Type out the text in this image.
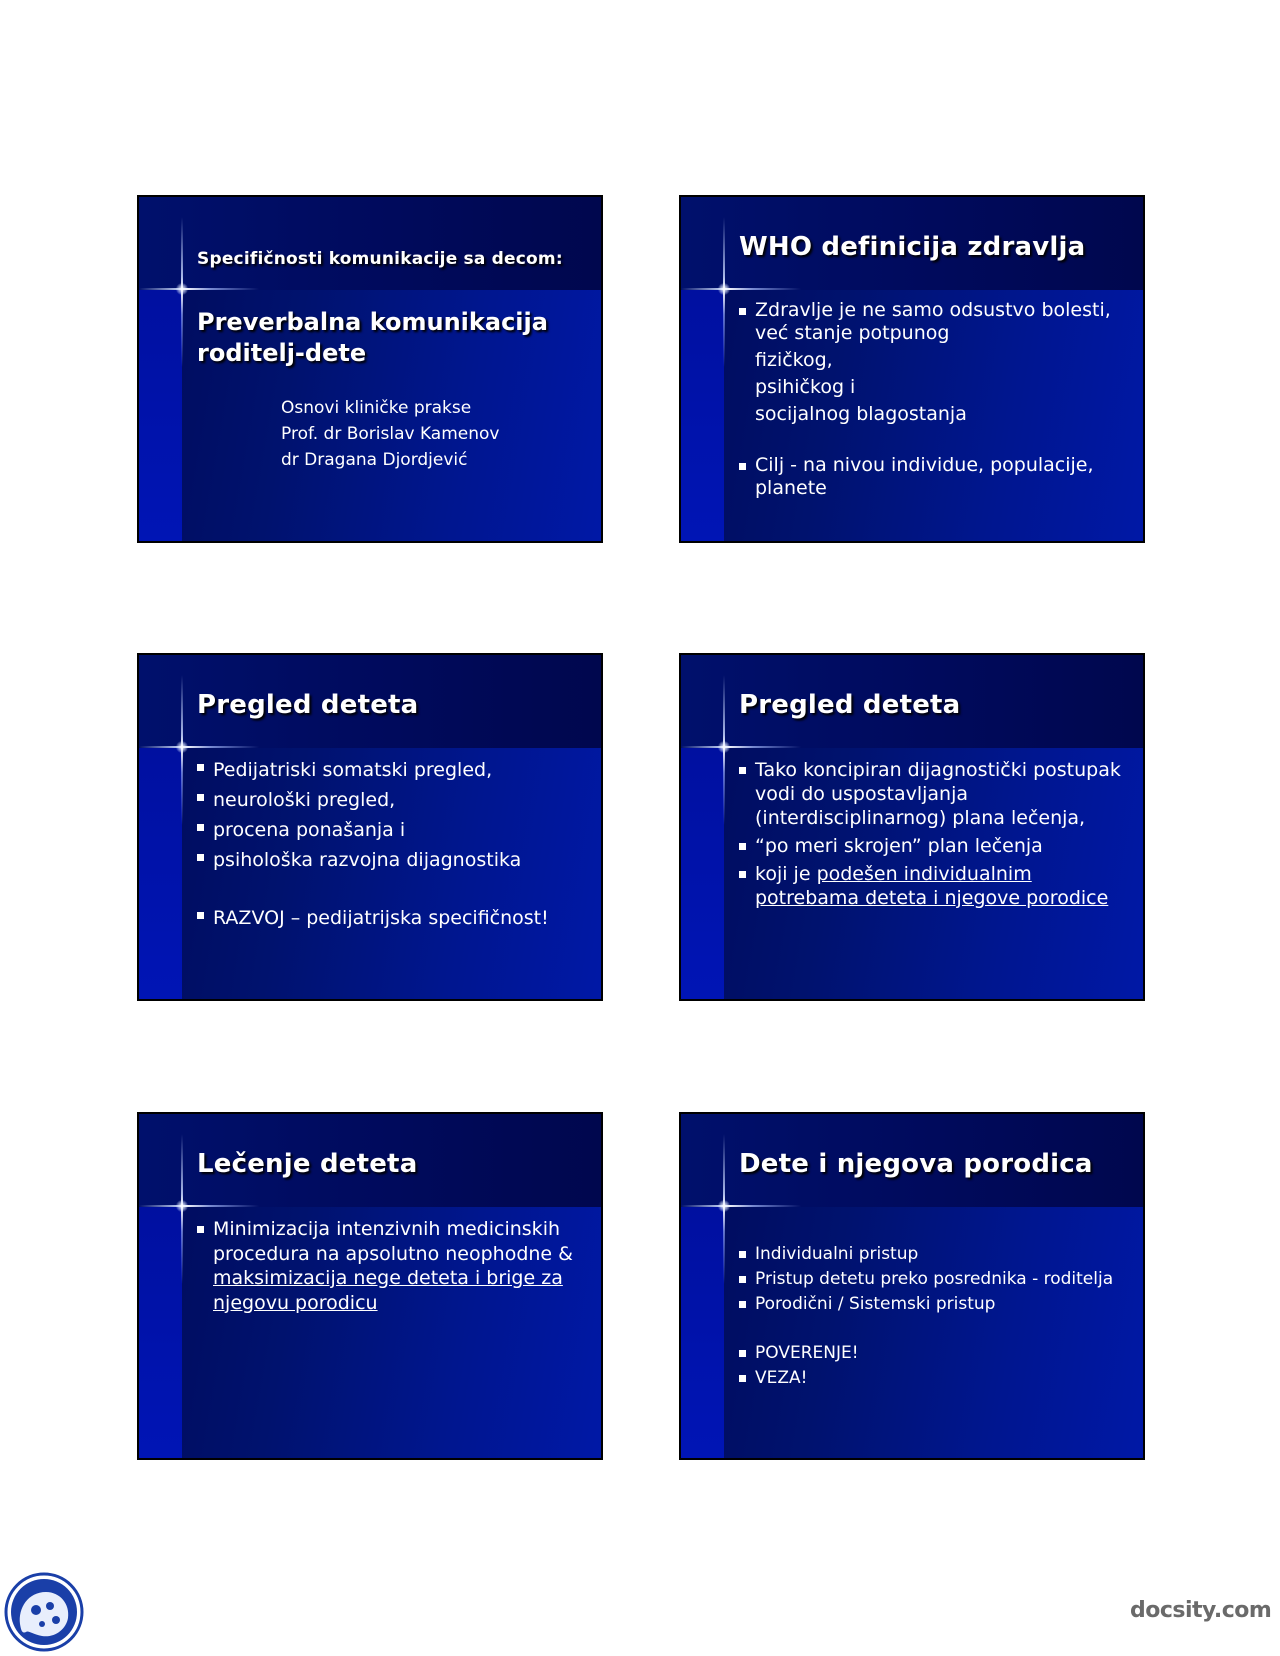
Specifičnosti komunikacije sa decom:
Preverbalna komunikacija
roditelj-dete
Osnovi kliničke prakse
Prof. dr Borislav Kamenov
dr Dragana Djordjević
WHO definicija zdravlja
Zdravlje je ne samo odsustvo bolesti,
već stanje potpunog
fizičkog,
psihičkog i
socijalnog blagostanja
Cilj - na nivou individue, populacije,
planete
Pregled deteta
Pedijatriski somatski pregled,
neurološki pregled,
procena ponašanja i
psihološka razvojna dijagnostika
RAZVOJ – pedijatrijska specifičnost!
Pregled deteta
Tako koncipiran dijagnostički postupak
vodi do uspostavljanja
(interdisciplinarnog) plana lečenja,
“po meri skrojen” plan lečenja
koji je podešen individualnim
potrebama deteta i njegove porodice
Lečenje deteta
Minimizacija intenzivnih medicinskih
procedura na apsolutno neophodne &
maksimizacija nege deteta i brige za
njegovu porodicu
Dete i njegova porodica
Individualni pristup
Pristup detetu preko posrednika - roditelja
Porodični / Sistemski pristup
POVERENJE!
VEZA!
docsity.com
